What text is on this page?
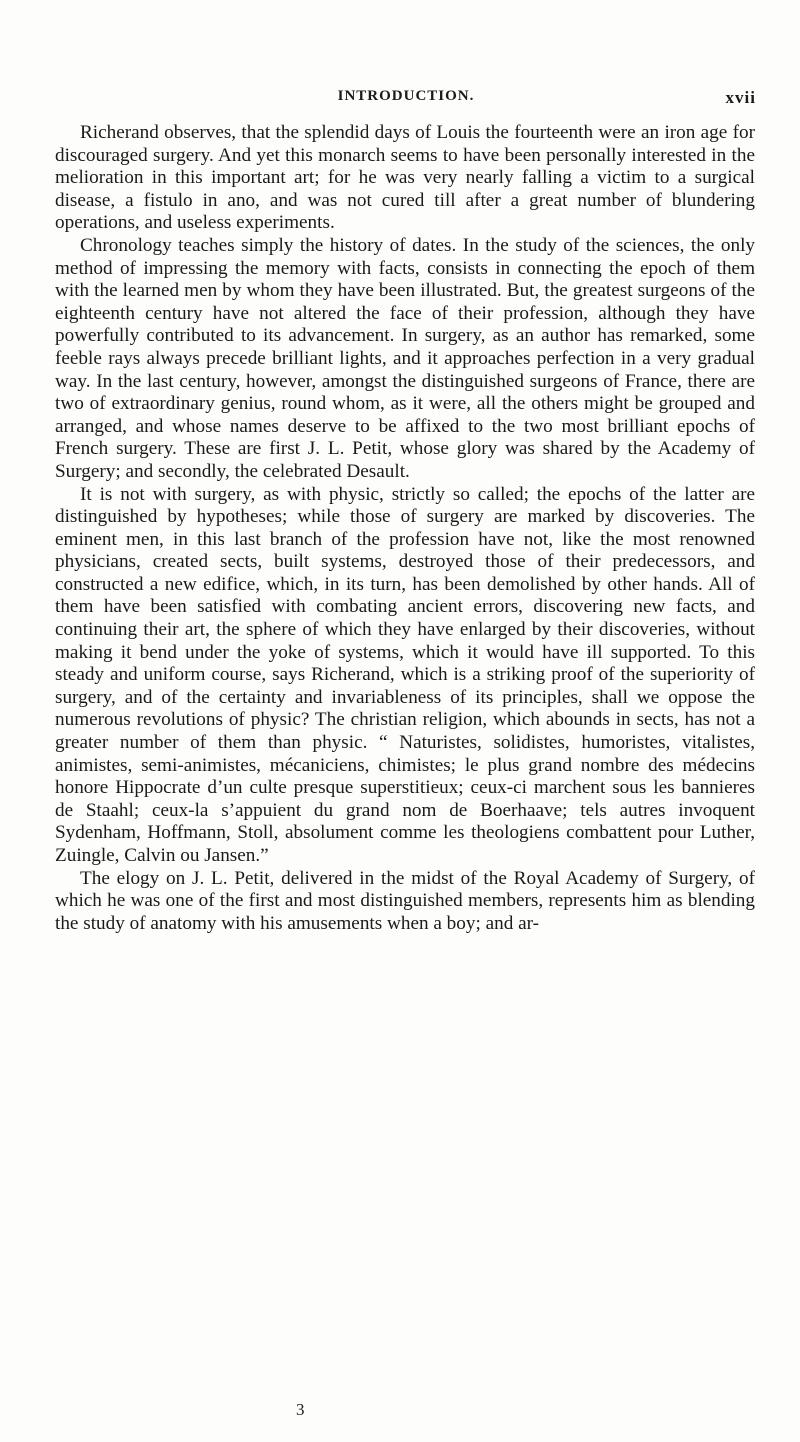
INTRODUCTION.	xvii

Richerand observes, that the splendid days of Louis the fourteenth were an iron age for discouraged surgery. And yet this monarch seems to have been personally interested in the melioration in this important art; for he was very nearly falling a victim to a surgical disease, a fistulo in ano, and was not cured till after a great number of blundering operations, and useless experiments.

Chronology teaches simply the history of dates. In the study of the sciences, the only method of impressing the memory with facts, consists in connecting the epoch of them with the learned men by whom they have been illustrated. But, the greatest surgeons of the eighteenth century have not altered the face of their profession, although they have powerfully contributed to its advancement. In surgery, as an author has remarked, some feeble rays always precede brilliant lights, and it approaches perfection in a very gradual way. In the last century, however, amongst the distinguished surgeons of France, there are two of extraordinary genius, round whom, as it were, all the others might be grouped and arranged, and whose names deserve to be affixed to the two most brilliant epochs of French surgery. These are first J. L. Petit, whose glory was shared by the Academy of Surgery; and secondly, the celebrated Desault.

It is not with surgery, as with physic, strictly so called; the epochs of the latter are distinguished by hypotheses; while those of surgery are marked by discoveries. The eminent men, in this last branch of the profession have not, like the most renowned physicians, created sects, built systems, destroyed those of their predecessors, and constructed a new edifice, which, in its turn, has been demolished by other hands. All of them have been satisfied with combating ancient errors, discovering new facts, and continuing their art, the sphere of which they have enlarged by their discoveries, without making it bend under the yoke of systems, which it would have ill supported. To this steady and uniform course, says Richerand, which is a striking proof of the superiority of surgery, and of the certainty and invariableness of its principles, shall we oppose the numerous revolutions of physic? The christian religion, which abounds in sects, has not a greater number of them than physic. “ Naturistes, solidistes, humoristes, vitalistes, animistes, semi-animistes, mécaniciens, chimistes; le plus grand nombre des médecins honore Hippocrate d’un culte presque superstitieux; ceux-ci marchent sous les bannieres de Staahl; ceux-la s’appuient du grand nom de Boerhaave; tels autres invoquent Sydenham, Hoffmann, Stoll, absolument comme les theologiens combattent pour Luther, Zuingle, Calvin ou Jansen.”

The elogy on J. L. Petit, delivered in the midst of the Royal Academy of Surgery, of which he was one of the first and most distinguished members, represents him as blending the study of anatomy with his amusements when a boy; and ar-

3
